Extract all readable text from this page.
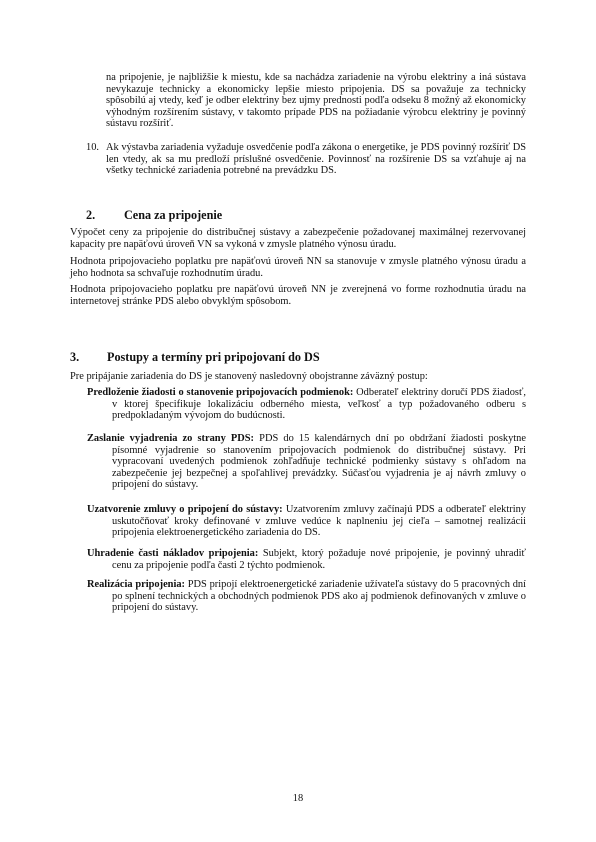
na pripojenie, je najbližšie k miestu, kde sa nachádza zariadenie na výrobu elektriny a iná sústava nevykazuje technicky a ekonomicky lepšie miesto pripojenia. DS sa považuje za technicky spôsobilú aj vtedy, keď je odber elektriny bez ujmy prednosti podľa odseku 8 možný až ekonomicky výhodným rozšírením sústavy, v takomto prípade PDS na požiadanie výrobcu elektriny je povinný sústavu rozšíriť.

10. Ak výstavba zariadenia vyžaduje osvedčenie podľa zákona o energetike, je PDS povinný rozšíriť DS len vtedy, ak sa mu predloží príslušné osvedčenie. Povinnosť na rozšírenie DS sa vzťahuje aj na všetky technické zariadenia potrebné na prevádzku DS.

2. Cena za pripojenie

Výpočet ceny za pripojenie do distribučnej sústavy a zabezpečenie požadovanej maximálnej rezervovanej kapacity pre napäťovú úroveň VN sa vykoná v zmysle platného výnosu úradu.

Hodnota pripojovacieho poplatku pre napäťovú úroveň NN sa stanovuje v zmysle platného výnosu úradu a jeho hodnota sa schvaľuje rozhodnutím úradu.

Hodnota pripojovacieho poplatku pre napäťovú úroveň NN je zverejnená vo forme rozhodnutia úradu na internetovej stránke PDS alebo obvyklým spôsobom.

3. Postupy a termíny pri pripojovaní do DS

Pre pripájanie zariadenia do DS je stanovený nasledovný obojstranne záväzný postup:

Predloženie žiadosti o stanovenie pripojovacích podmienok: Odberateľ elektriny doručí PDS žiadosť, v ktorej špecifikuje lokalizáciu odberného miesta, veľkosť a typ požadovaného odberu s predpokladaným vývojom do budúcnosti.

Zaslanie vyjadrenia zo strany PDS: PDS do 15 kalendárnych dní po obdržaní žiadosti poskytne písomné vyjadrenie so stanovením pripojovacích podmienok do distribučnej sústavy. Pri vypracovaní uvedených podmienok zohľadňuje technické podmienky sústavy s ohľadom na zabezpečenie jej bezpečnej a spoľahlivej prevádzky. Súčasťou vyjadrenia je aj návrh zmluvy o pripojení do sústavy.

Uzatvorenie zmluvy o pripojení do sústavy: Uzatvorením zmluvy začínajú PDS a odberateľ elektriny uskutočňovať kroky definované v zmluve vedúce k naplneniu jej cieľa – samotnej realizácii pripojenia elektroenergetického zariadenia do DS.

Uhradenie časti nákladov pripojenia: Subjekt, ktorý požaduje nové pripojenie, je povinný uhradiť cenu za pripojenie podľa časti 2 týchto podmienok.

Realizácia pripojenia: PDS pripojí elektroenergetické zariadenie užívateľa sústavy do 5 pracovných dní po splnení technických a obchodných podmienok PDS ako aj podmienok definovaných v zmluve o pripojení do sústavy.

18
